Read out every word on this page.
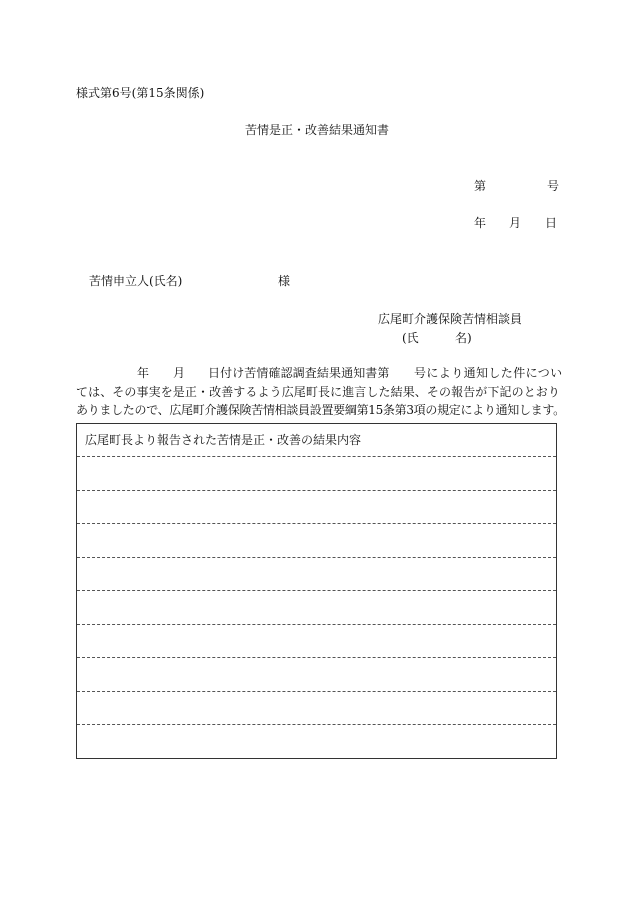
様式第6号(第15条関係)
苦情是正・改善結果通知書
第	号
年 月 日
苦情申立人(氏名)	様
広尾町介護保険苦情相談員
(氏	名)
年 月 日付け苦情確認調査結果通知書第 号により通知した件につい
ては、その事実を是正・改善するよう広尾町長に進言した結果、その報告が下記のとおり
ありましたので、広尾町介護保険苦情相談員設置要綱第15条第3項の規定により通知します。
広尾町長より報告された苦情是正・改善の結果内容
